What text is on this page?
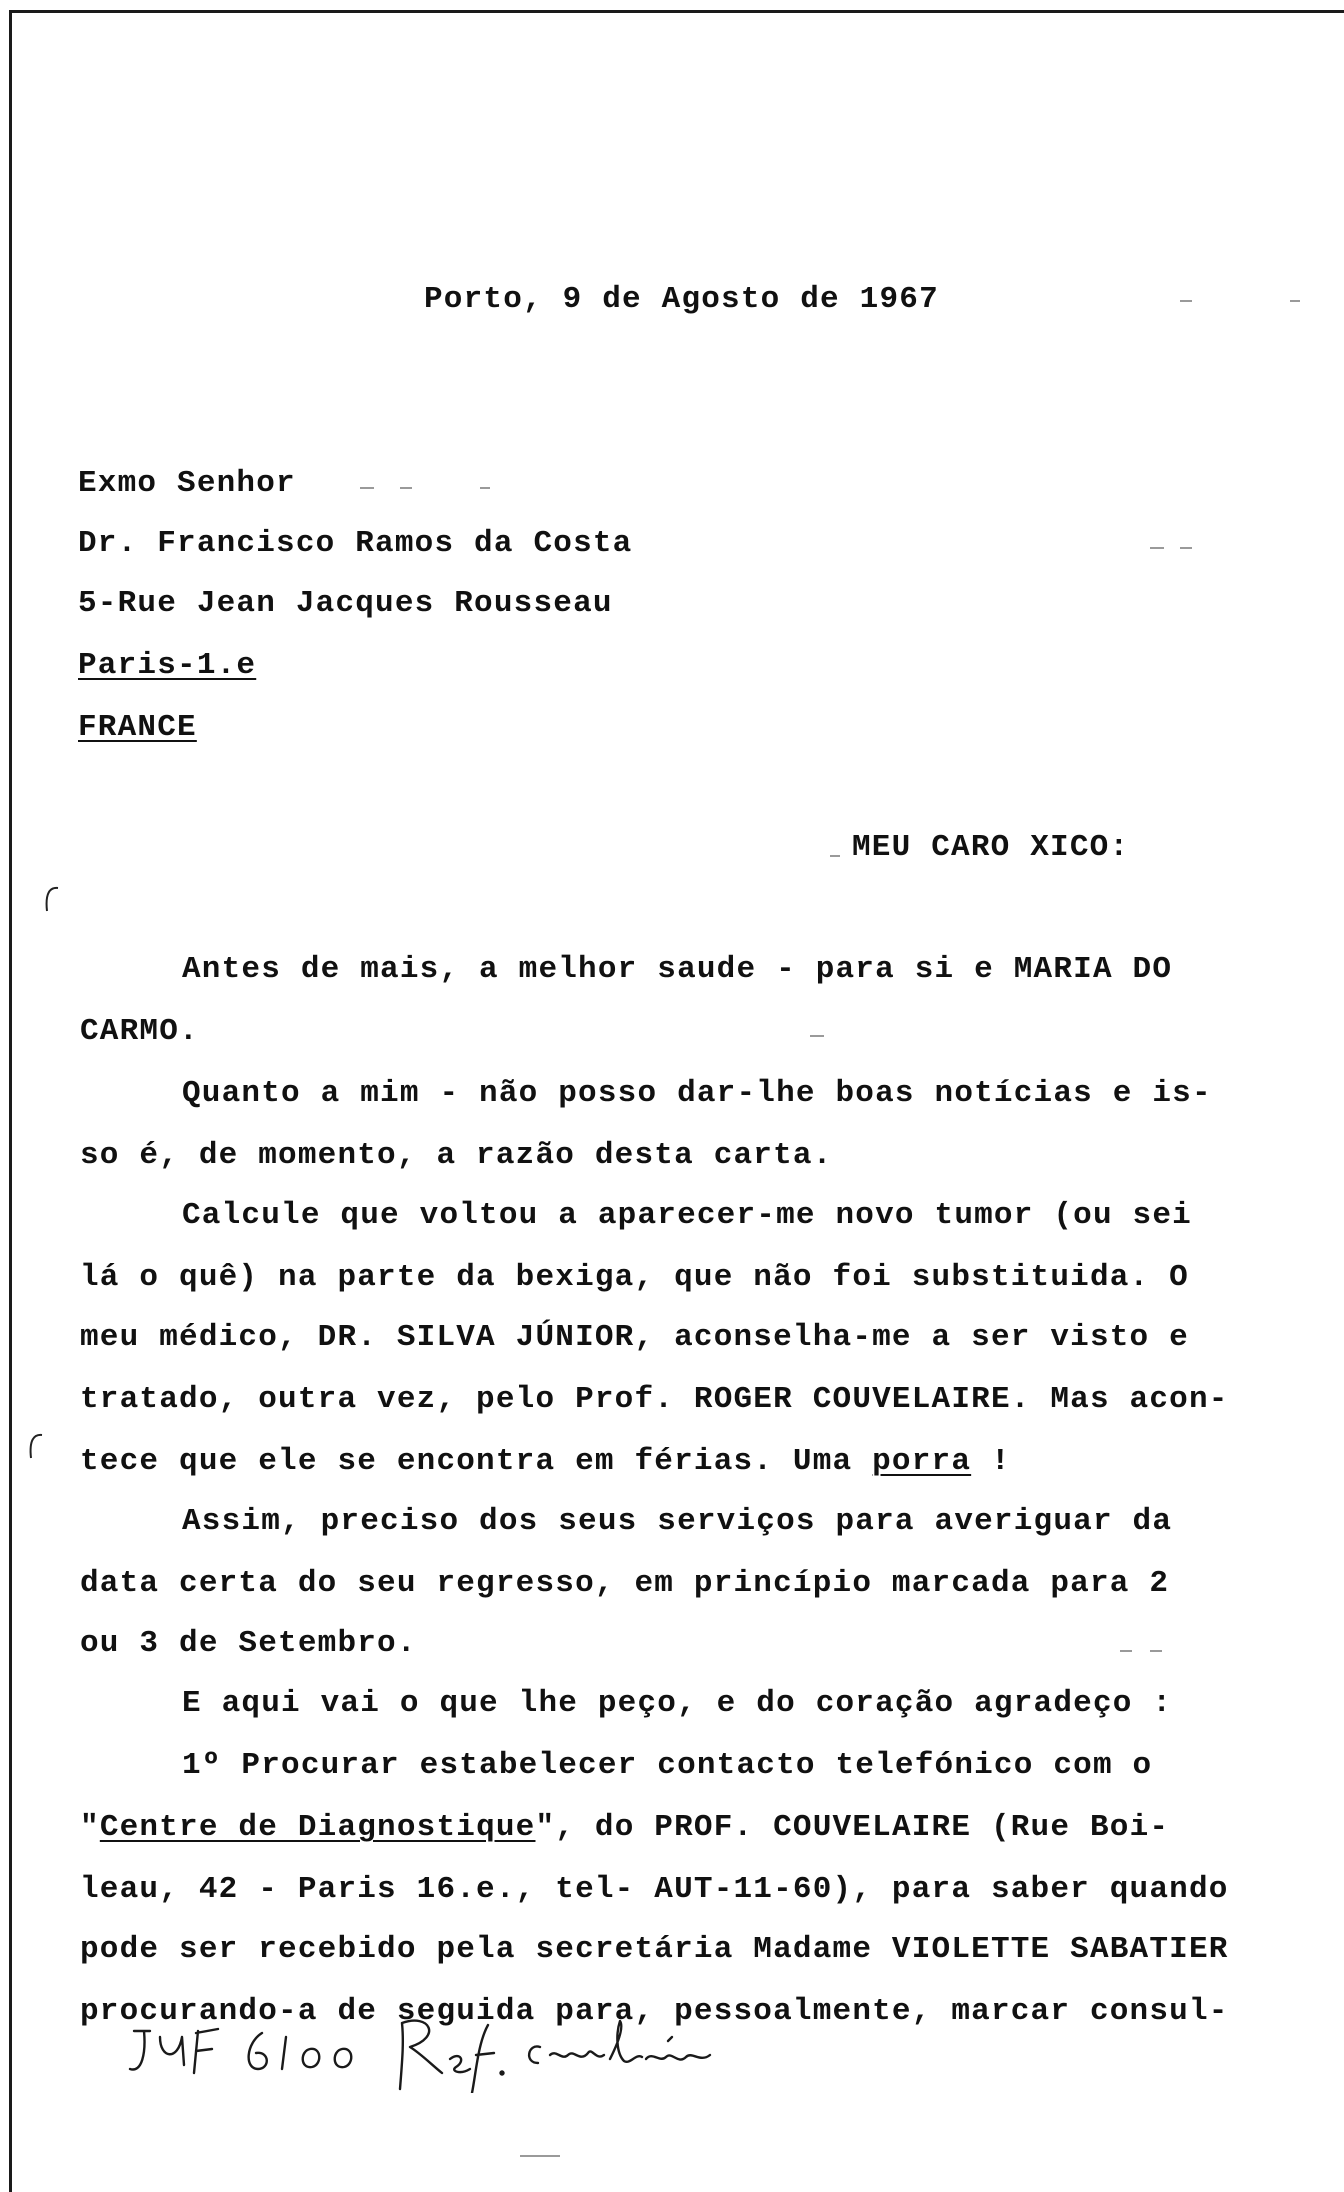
Porto, 9 de Agosto de 1967
Exmo Senhor
Dr. Francisco Ramos da Costa
5-Rue Jean Jacques Rousseau
Paris-1.e
FRANCE
MEU CARO XICO:
Antes de mais, a melhor saude - para si e MARIA DO
CARMO.
Quanto a mim - não posso dar-lhe boas notícias e is-
so é, de momento, a razão desta carta.
Calcule que voltou a aparecer-me novo tumor (ou sei
lá o quê) na parte da bexiga, que não foi substituida. O
meu médico, DR. SILVA JÚNIOR, aconselha-me a ser visto e
tratado, outra vez, pelo Prof. ROGER COUVELAIRE. Mas acon-
tece que ele se encontra em férias. Uma porra !
Assim, preciso dos seus serviços para averiguar da
data certa do seu regresso, em princípio marcada para 2
ou 3 de Setembro.
E aqui vai o que lhe peço, e do coração agradeço :
1º Procurar estabelecer contacto telefónico com o
"Centre de Diagnostique", do PROF. COUVELAIRE (Rue Boi-
leau, 42 - Paris 16.e., tel- AUT-11-60), para saber quando
pode ser recebido pela secretária Madame VIOLETTE SABATIER
procurando-a de seguida para, pessoalmente, marcar consul-
